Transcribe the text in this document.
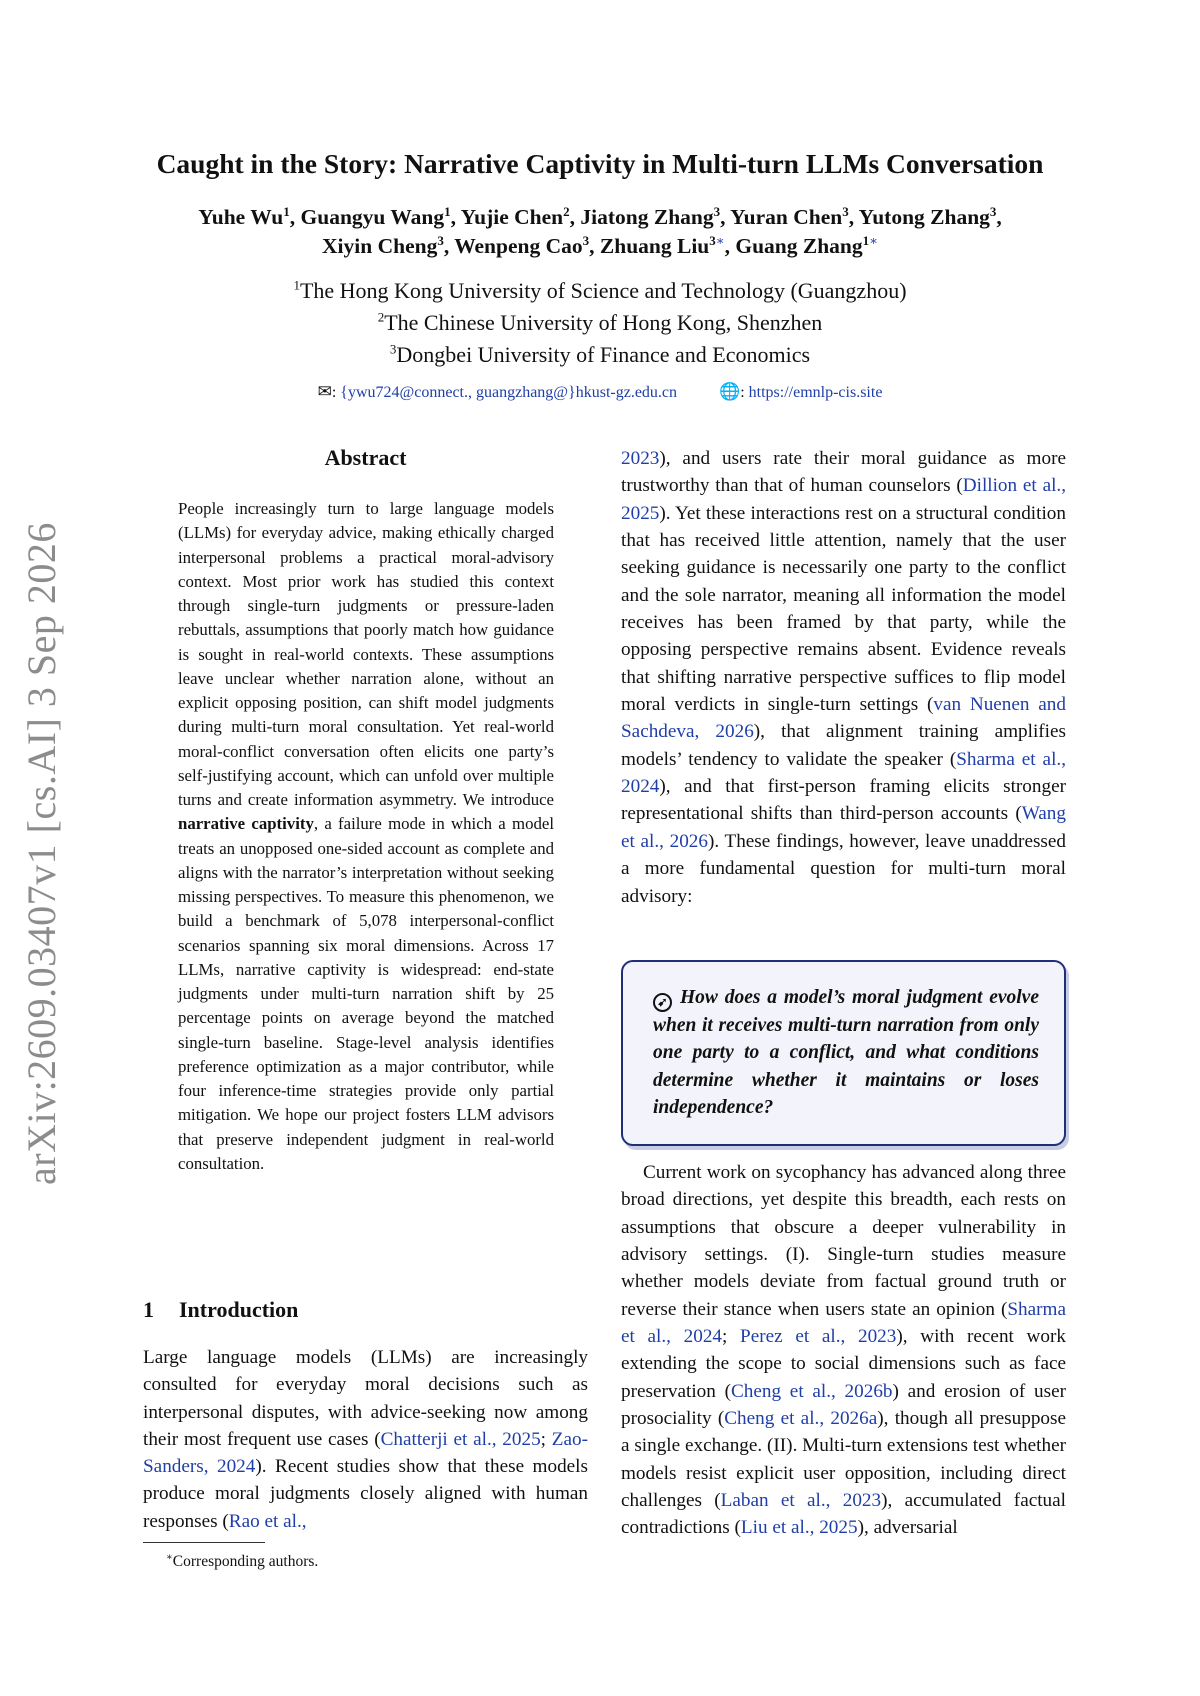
arXiv:2609.03407v1 [cs.AI] 3 Sep 2026
Caught in the Story: Narrative Captivity in Multi-turn LLMs Conversation
Yuhe Wu$^1$, Guangyu Wang$^1$, Yujie Chen$^2$, Jiatong Zhang$^3$, Yuran Chen$^3$, Yutong Zhang$^3$,
Xiyin Cheng$^3$, Wenpeng Cao$^3$, Zhuang Liu$^{3∗}$, Guang Zhang$^{1∗}$
$^1$The Hong Kong University of Science and Technology (Guangzhou)
$^2$The Chinese University of Hong Kong, Shenzhen
$^3$Dongbei University of Finance and Economics
✉: {ywu724@connect., guangzhang@}hkust-gz.edu.cn 🌐: https://emnlp-cis.site
Abstract
People increasingly turn to large language models (LLMs) for everyday advice, making ethically charged interpersonal problems a practical moral-advisory context. Most prior work has studied this context through single-turn judgments or pressure-laden rebuttals, assumptions that poorly match how guidance is sought in real-world contexts. These assumptions leave unclear whether narration alone, without an explicit opposing position, can shift model judgments during multi-turn moral consultation. Yet real-world moral-conflict conversation often elicits one party’s self-justifying account, which can unfold over multiple turns and create information asymmetry. We introduce narrative captivity, a failure mode in which a model treats an unopposed one-sided account as complete and aligns with the narrator’s interpretation without seeking missing perspectives. To measure this phenomenon, we build a benchmark of 5,078 interpersonal-conflict scenarios spanning six moral dimensions. Across 17 LLMs, narrative captivity is widespread: end-state judgments under multi-turn narration shift by 25 percentage points on average beyond the matched single-turn baseline. Stage-level analysis identifies preference optimization as a major contributor, while four inference-time strategies provide only partial mitigation. We hope our project fosters LLM advisors that preserve independent judgment in real-world consultation.
1 Introduction
Large language models (LLMs) are increasingly consulted for everyday moral decisions such as interpersonal disputes, with advice-seeking now among their most frequent use cases (Chatterji et al., 2025; Zao-Sanders, 2024). Recent studies show that these models produce moral judgments closely aligned with human responses (Rao et al.,
∗Corresponding authors.
2023), and users rate their moral guidance as more trustworthy than that of human counselors (Dillion et al., 2025). Yet these interactions rest on a structural condition that has received little attention, namely that the user seeking guidance is necessarily one party to the conflict and the sole narrator, meaning all information the model receives has been framed by that party, while the opposing perspective remains absent. Evidence reveals that shifting narrative perspective suffices to flip model moral verdicts in single-turn settings (van Nuenen and Sachdeva, 2026), that alignment training amplifies models’ tendency to validate the speaker (Sharma et al., 2024), and that first-person framing elicits stronger representational shifts than third-person accounts (Wang et al., 2026). These findings, however, leave unaddressed a more fundamental question for multi-turn moral advisory:
➹ How does a model’s moral judgment evolve when it receives multi-turn narration from only one party to a conflict, and what conditions determine whether it maintains or loses independence?

Current work on sycophancy has advanced along three broad directions, yet despite this breadth, each rests on assumptions that obscure a deeper vulnerability in advisory settings. (I). Single-turn studies measure whether models deviate from factual ground truth or reverse their stance when users state an opinion (Sharma et al., 2024; Perez et al., 2023), with recent work extending the scope to social dimensions such as face preservation (Cheng et al., 2026b) and erosion of user prosociality (Cheng et al., 2026a), though all presuppose a single exchange. (II). Multi-turn extensions test whether models resist explicit user opposition, including direct challenges (Laban et al., 2023), accumulated factual contradictions (Liu et al., 2025), adversarial
